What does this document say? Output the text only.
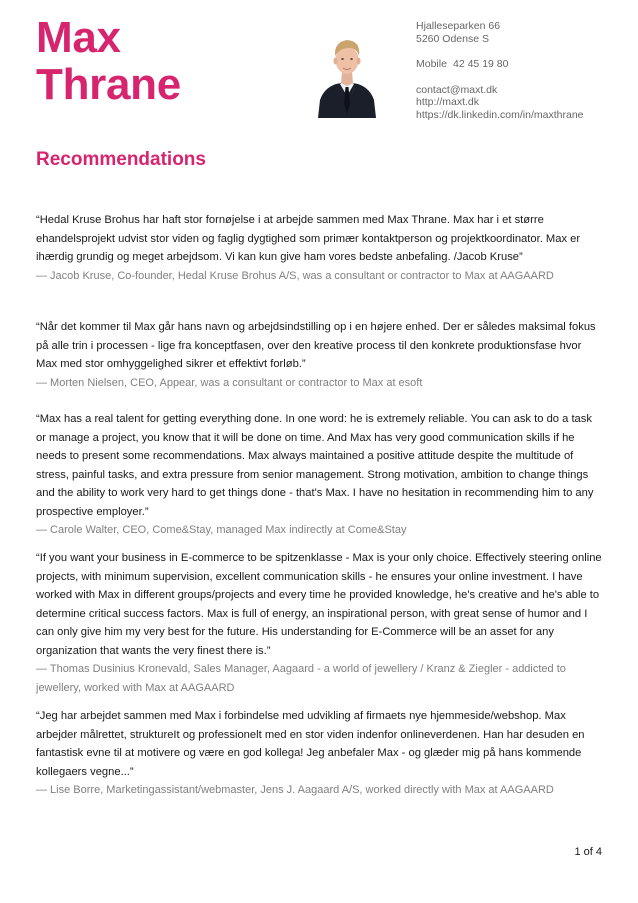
Max
Thrane
Hjalleseparken 66
5260 Odense S
Mobile 42 45 19 80
contact@maxt.dk
http://maxt.dk
https://dk.linkedin.com/in/maxthrane
Recommendations

“Hedal Kruse Brohus har haft stor fornøjelse i at arbejde sammen med Max Thrane. Max har i et større ehandelsprojekt udvist stor viden og faglig dygtighed som primær kontaktperson og projektkoordinator. Max er ihærdig grundig og meget arbejdsom. Vi kan kun give ham vores bedste anbefaling. /Jacob Kruse”

— Jacob Kruse, Co-founder, Hedal Kruse Brohus A/S, was a consultant or contractor to Max at AAGAARD

“Når det kommer til Max går hans navn og arbejdsindstilling op i en højere enhed. Der er således maksimal fokus på alle trin i processen - lige fra konceptfasen, over den kreative process til den konkrete produktionsfase hvor Max med stor omhyggelighed sikrer et effektivt forløb.”

— Morten Nielsen, CEO, Appear, was a consultant or contractor to Max at esoft

“Max has a real talent for getting everything done. In one word: he is extremely reliable. You can ask to do a task or manage a project, you know that it will be done on time. And Max has very good communication skills if he needs to present some recommendations. Max always maintained a positive attitude despite the multitude of stress, painful tasks, and extra pressure from senior management. Strong motivation, ambition to change things and the ability to work very hard to get things done - that's Max. I have no hesitation in recommending him to any prospective employer.”

— Carole Walter, CEO, Come&Stay, managed Max indirectly at Come&Stay

“If you want your business in E-commerce to be spitzenklasse - Max is your only choice. Effectively steering online projects, with minimum supervision, excellent communication skills - he ensures your online investment. I have worked with Max in different groups/projects and every time he provided knowledge, he's creative and he's able to determine critical success factors. Max is full of energy, an inspirational person, with great sense of humor and I can only give him my very best for the future. His understanding for E-Commerce will be an asset for any organization that wants the very finest there is.”

— Thomas Dusinius Kronevald, Sales Manager, Aagaard - a world of jewellery / Kranz & Ziegler - addicted to jewellery, worked with Max at AAGAARD

“Jeg har arbejdet sammen med Max i forbindelse med udvikling af firmaets nye hjemmeside/webshop. Max arbejder målrettet, struktureIt og professionelt med en stor viden indenfor onlineverdenen. Han har desuden en fantastisk evne til at motivere og være en god kollega! Jeg anbefaler Max - og glæder mig på hans kommende kollegaers vegne...”

— Lise Borre, Marketingassistant/webmaster, Jens J. Aagaard A/S, worked directly with Max at AAGAARD

1 of 4
